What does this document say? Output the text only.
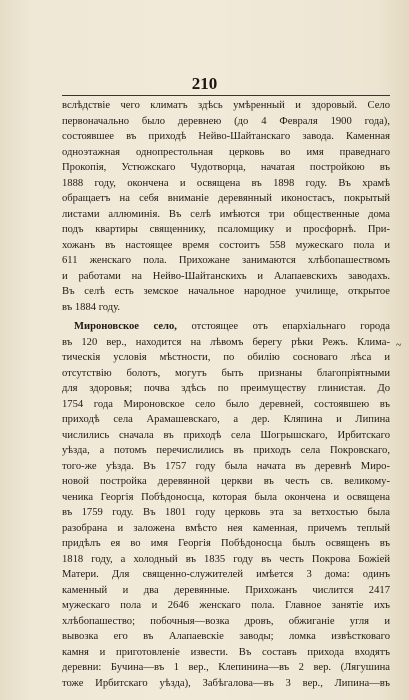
210
вслѣдствіе чего климатъ здѣсь умѣренный и здоровый. Село
первоначально было деревнею (до 4 Февраля 1900 года),
состоявшее въ приходѣ Нейво-Шайтанскаго завода. Каменная
одноэтажная однопрестольная церковь во имя праведнаго
Прокопія, Устюжскаго Чудотворца, начатая постройкою въ
1888 году, окончена и освящена въ 1898 году. Въ храмѣ
обращаетъ на себя вниманіе деревянный иконостасъ, покрытый
листами аллюминія. Въ селѣ имѣются три общественные дома
подъ квартиры священнику, псаломщику и просфорнѣ. При-
хожанъ въ настоящее время состоитъ 558 мужескаго пола и
611 женскаго пола. Прихожане занимаются хлѣбопашествомъ
и работами на Нейво-Шайтанскихъ и Алапаевскихъ заводахъ.
Въ селѣ есть земское начальное народное училище, открытое
въ 1884 году.
Мироновское село, отстоящее отъ епархіальнаго города
въ 120 вер., находится на лѣвомъ берегу рѣки Режъ. Клима-
тическія условія мѣстности, по обилію сосноваго лѣса и
отсутствію болотъ, могутъ быть признаны благопріятными
для здоровья; почва здѣсь по преимуществу глинистая. До
1754 года Мироновское село было деревней, состоявшею въ
приходѣ села Арамашевскаго, а дер. Кляпина и Липина
числились сначала въ приходѣ села Шогрышскаго, Ирбитскаго
уѣзда, а потомъ перечислились въ приходъ села Покровскаго,
того-же уѣзда. Въ 1757 году была начата въ деревнѣ Миро-
новой постройка деревянной церкви въ честь св. великому-
ченика Георгія Побѣдоносца, которая была окончена и освящена
въ 1759 году. Въ 1801 году церковь эта за ветхостью была
разобрана и заложена вмѣсто нея каменная, причемъ теплый
придѣлъ ея во имя Георгія Побѣдоносца былъ освященъ въ
1818 году, а холодный въ 1835 году въ честь Покрова Божіей
Матери. Для священно-служителей имѣется 3 дома: одинъ
каменный и два деревянные. Прихожанъ числится 2417
мужескаго пола и 2646 женскаго пола. Главное занятіе ихъ
хлѣбопашество; побочныя—возка дровъ, обжиганіе угля и
вывозка его въ Алапаевскіе заводы; ломка извѣстковаго
камня и приготовленіе извести. Въ составъ прихода входятъ
деревни: Бучина—въ 1 вер., Клепинина—въ 2 вер. (Лягушина
тоже Ирбитскаго уѣзда), Забѣгалова—въ 3 вер., Липина—въ
~
